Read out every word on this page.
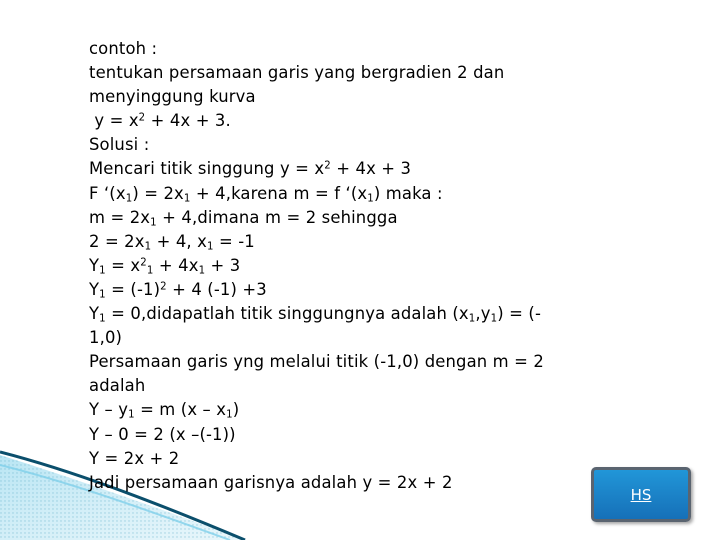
contoh :
tentukan persamaan garis yang bergradien 2 dan
menyinggung kurva
$y = x^2 + 4x + 3$.
Solusi :
Mencari titik singgung $y = x^2 + 4x + 3$
F ‘$(x_1) = 2x_1$ + 4,karena m = f ‘$(x_1)$ maka :
$m = 2x_1$ + 4,dimana m = 2 sehingga
$2 = 2x_1 + 4$, $x_1 = -1$
$Y_1 = x^2_1 + 4x_1 + 3$
$Y_1 = (-1)^2 + 4$ (-1) +3
$Y_1$ = 0,didapatlah titik singgungnya adalah $(x_1,y_1)$ = (-
1,0)
Persamaan garis yng melalui titik (-1,0) dengan m = 2
adalah
$Y - y_1 = m$ $(x - x_1)$
Y – 0 = 2 (x –(-1))
Y = 2x + 2
Jadi persamaan garisnya adalah y = 2x + 2
HS
